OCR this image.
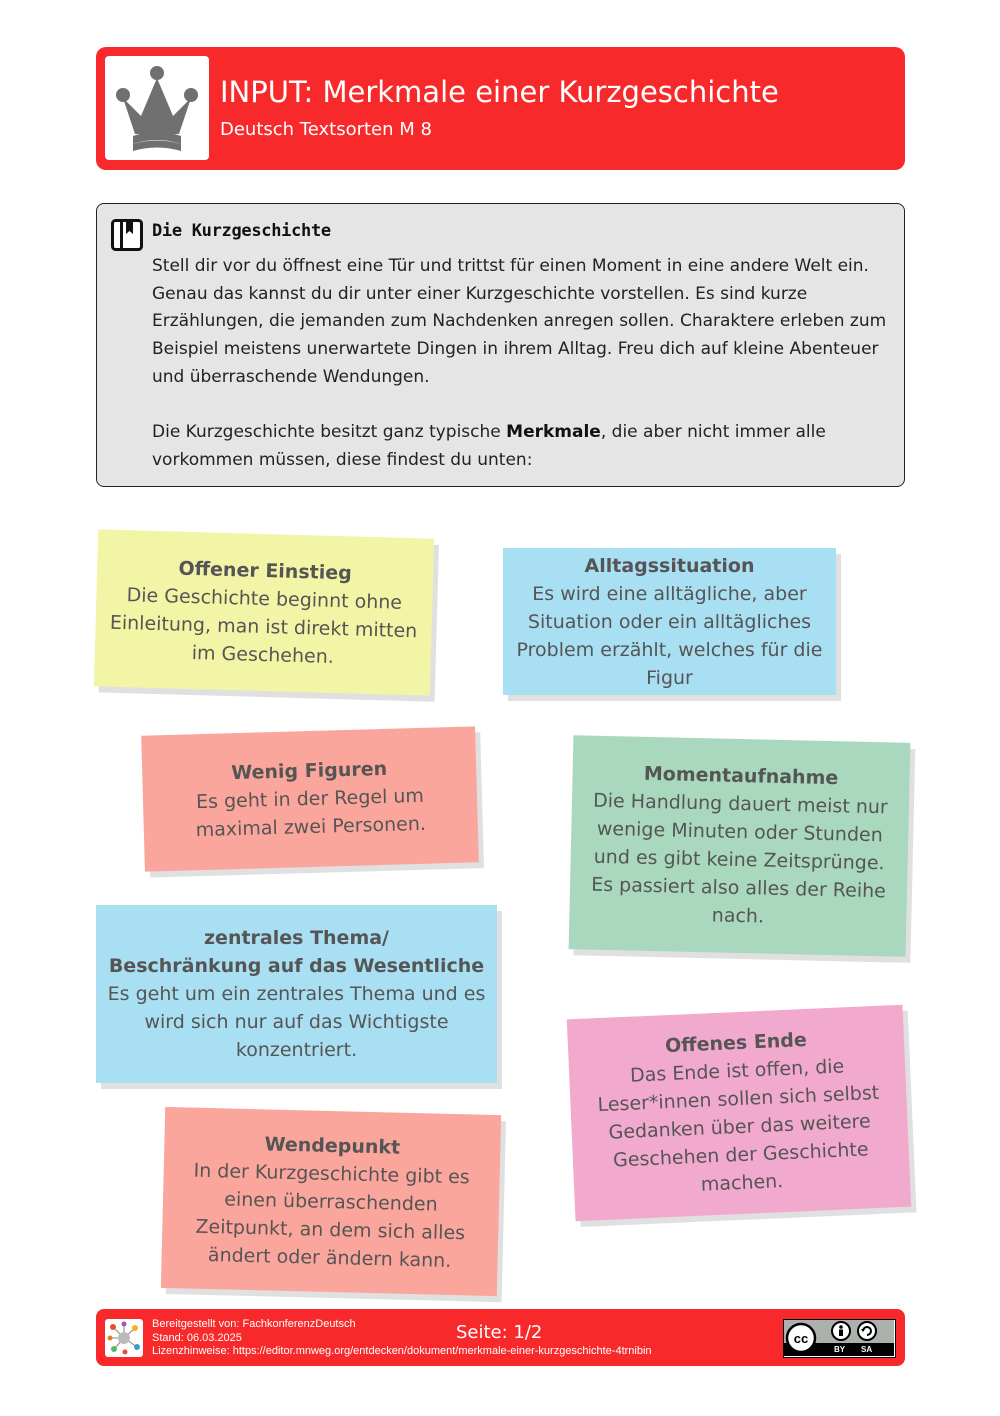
INPUT: Merkmale einer Kurzgeschichte
Deutsch Textsorten M 8
Die Kurzgeschichte

Stell dir vor du öffnest eine Tür und trittst für einen Moment in eine andere Welt ein. Genau das kannst du dir unter einer Kurzgeschichte vorstellen. Es sind kurze Erzählungen, die jemanden zum Nachdenken anregen sollen. Charaktere erleben zum Beispiel meistens unerwartete Dingen in ihrem Alltag. Freu dich auf kleine Abenteuer und überraschende Wendungen.

Die Kurzgeschichte besitzt ganz typische Merkmale, die aber nicht immer alle vorkommen müssen, diese findest du unten:

Offener Einstieg
Die Geschichte beginnt ohne Einleitung, man ist direkt mitten im Geschehen.
Alltagssituation
Es wird eine alltägliche, aber Situation oder ein alltägliches Problem erzählt, welches für die Figur
Wenig Figuren
Es geht in der Regel um maximal zwei Personen.
Momentaufnahme
Die Handlung dauert meist nur wenige Minuten oder Stunden und es gibt keine Zeitsprünge. Es passiert also alles der Reihe nach.
zentrales Thema/
Beschränkung auf das Wesentliche
Es geht um ein zentrales Thema und es wird sich nur auf das Wichtigste konzentriert.	Offenes Ende
Das Ende ist offen, die Leser*innen sollen sich selbst Gedanken über das weitere Geschehen der Geschichte machen.
Wendepunkt
In der Kurzgeschichte gibt es einen überraschenden Zeitpunkt, an dem sich alles ändert oder ändern kann.
Bereitgestellt von: FachkonferenzDeutsch
Stand: 06.03.2025
Lizenzhinweise: https://editor.mnweg.org/entdecken/dokument/merkmale-einer-kurzgeschichte-4trnibin
Seite: 1/2	cc
BY SA
